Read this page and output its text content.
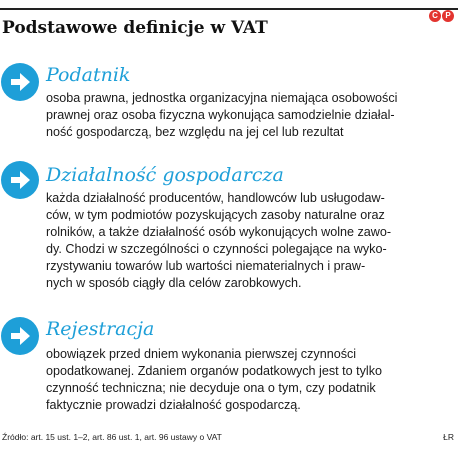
Podstawowe definicje w VAT
C P
Podatnik
osoba prawna, jednostka organizacyjna niemająca osobowości
prawnej oraz osoba fizyczna wykonująca samodzielnie działal-
ność gospodarczą, bez względu na jej cel lub rezultat
Działalność gospodarcza
każda działalność producentów, handlowców lub usługodaw-
ców, w tym podmiotów pozyskujących zasoby naturalne oraz
rolników, a także działalność osób wykonujących wolne zawo-
dy. Chodzi w szczególności o czynności polegające na wyko-
rzystywaniu towarów lub wartości niematerialnych i praw-
nych w sposób ciągły dla celów zarobkowych.
Rejestracja
obowiązek przed dniem wykonania pierwszej czynności
opodatkowanej. Zdaniem organów podatkowych jest to tylko
czynność techniczna; nie decyduje ona o tym, czy podatnik
faktycznie prowadzi działalność gospodarczą.
Źródło: art. 15 ust. 1–2, art. 86 ust. 1, art. 96 ustawy o VAT	ŁR
